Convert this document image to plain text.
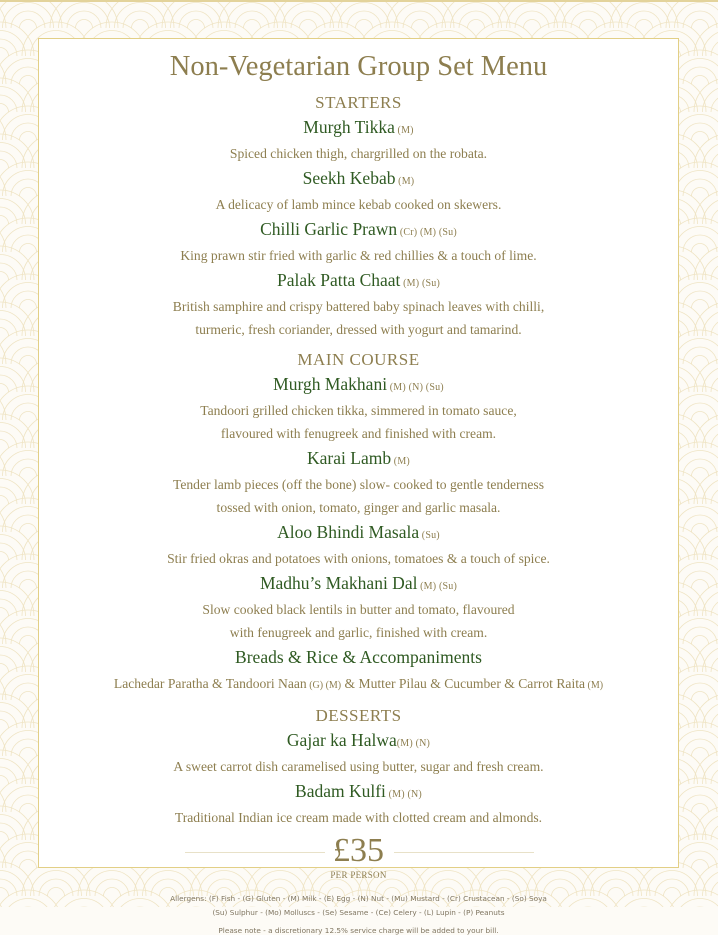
Non-Vegetarian Group Set Menu
STARTERS
Murgh Tikka (M)
Spiced chicken thigh, chargrilled on the robata.
Seekh Kebab (M)
A delicacy of lamb mince kebab cooked on skewers.
Chilli Garlic Prawn (Cr) (M) (Su)
King prawn stir fried with garlic & red chillies & a touch of lime.
Palak Patta Chaat (M) (Su)
British samphire and crispy battered baby spinach leaves with chilli,
turmeric, fresh coriander, dressed with yogurt and tamarind.
MAIN COURSE
Murgh Makhani (M) (N) (Su)
Tandoori grilled chicken tikka, simmered in tomato sauce,
flavoured with fenugreek and finished with cream.
Karai Lamb (M)
Tender lamb pieces (off the bone) slow- cooked to gentle tenderness
tossed with onion, tomato, ginger and garlic masala.
Aloo Bhindi Masala (Su)
Stir fried okras and potatoes with onions, tomatoes & a touch of spice.
Madhu’s Makhani Dal (M) (Su)
Slow cooked black lentils in butter and tomato, flavoured
with fenugreek and garlic, finished with cream.
Breads & Rice & Accompaniments
Lachedar Paratha & Tandoori Naan (G) (M) & Mutter Pilau & Cucumber & Carrot Raita (M)
DESSERTS
Gajar ka Halwa(M) (N)
A sweet carrot dish caramelised using butter, sugar and fresh cream.
Badam Kulfi (M) (N)
Traditional Indian ice cream made with clotted cream and almonds.
£35
PER PERSON
Allergens: (F) Fish - (G) Gluten - (M) Milk - (E) Egg - (N) Nut - (Mu) Mustard - (Cr) Crustacean - (So) Soya
(Su) Sulphur - (Mo) Molluscs - (Se) Sesame - (Ce) Celery - (L) Lupin - (P) Peanuts
Please note - a discretionary 12.5% service charge will be added to your bill.
